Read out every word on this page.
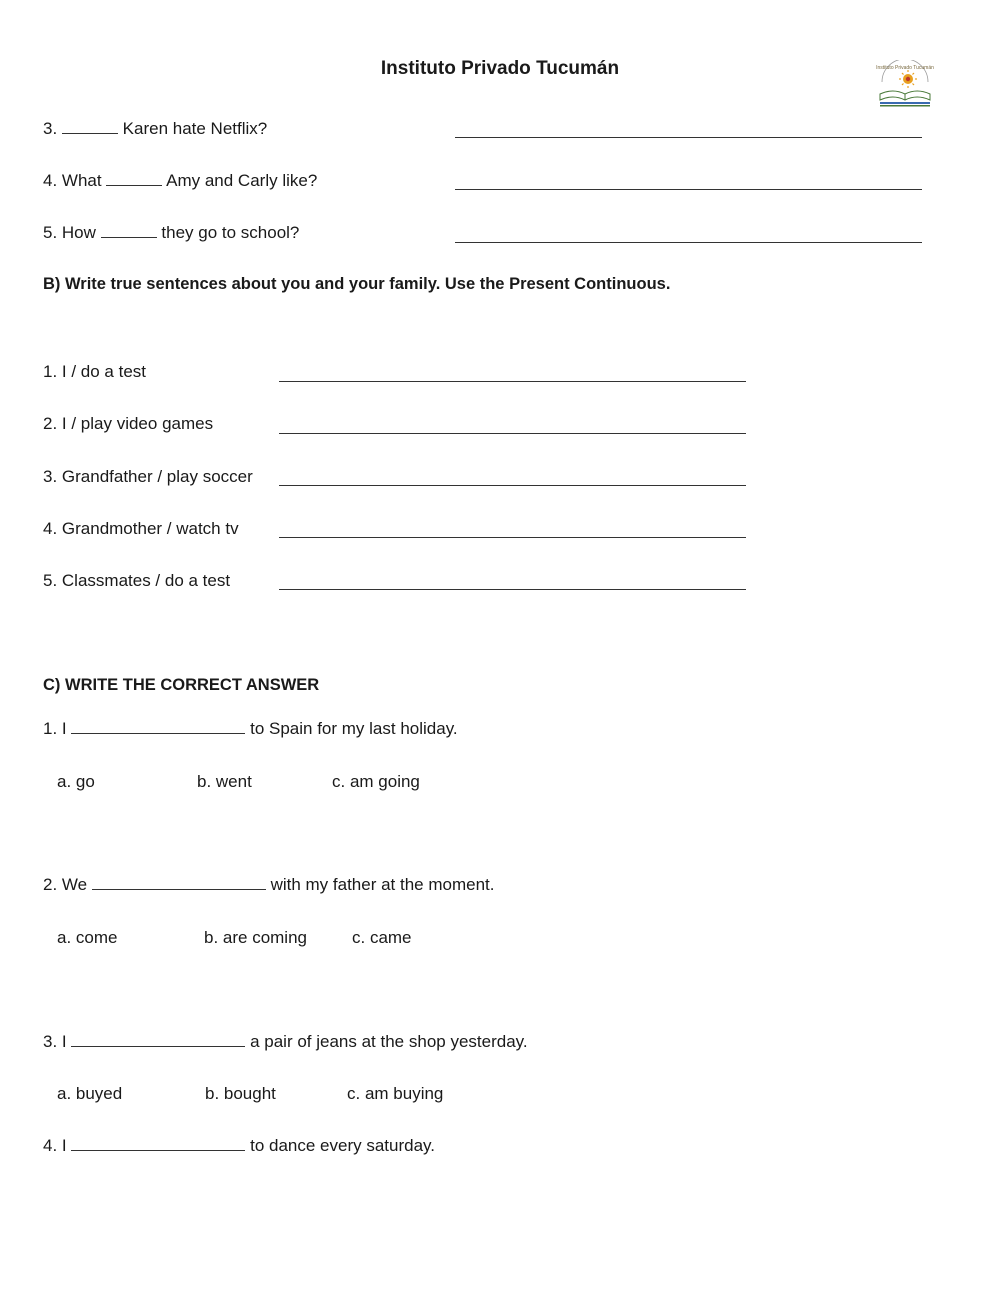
Instituto Privado Tucumán	Instituto Privado Tucumán
3.	Karen hate Netflix?
4. What	Amy and Carly like?
5. How	they go to school?
B) Write true sentences about you and your family. Use the Present Continuous.
1. I / do a test
2. I / play video games
3. Grandfather / play soccer
4. Grandmother / watch tv
5. Classmates / do a test
C) WRITE THE CORRECT ANSWER
1. I	to Spain for my last holiday.
a. go	b. went	c. am going
2. We	with my father at the moment.
a. come	b. are coming	c. came
3. I	a pair of jeans at the shop yesterday.
a. buyed	b. bought	c. am buying
4. I	to dance every saturday.
